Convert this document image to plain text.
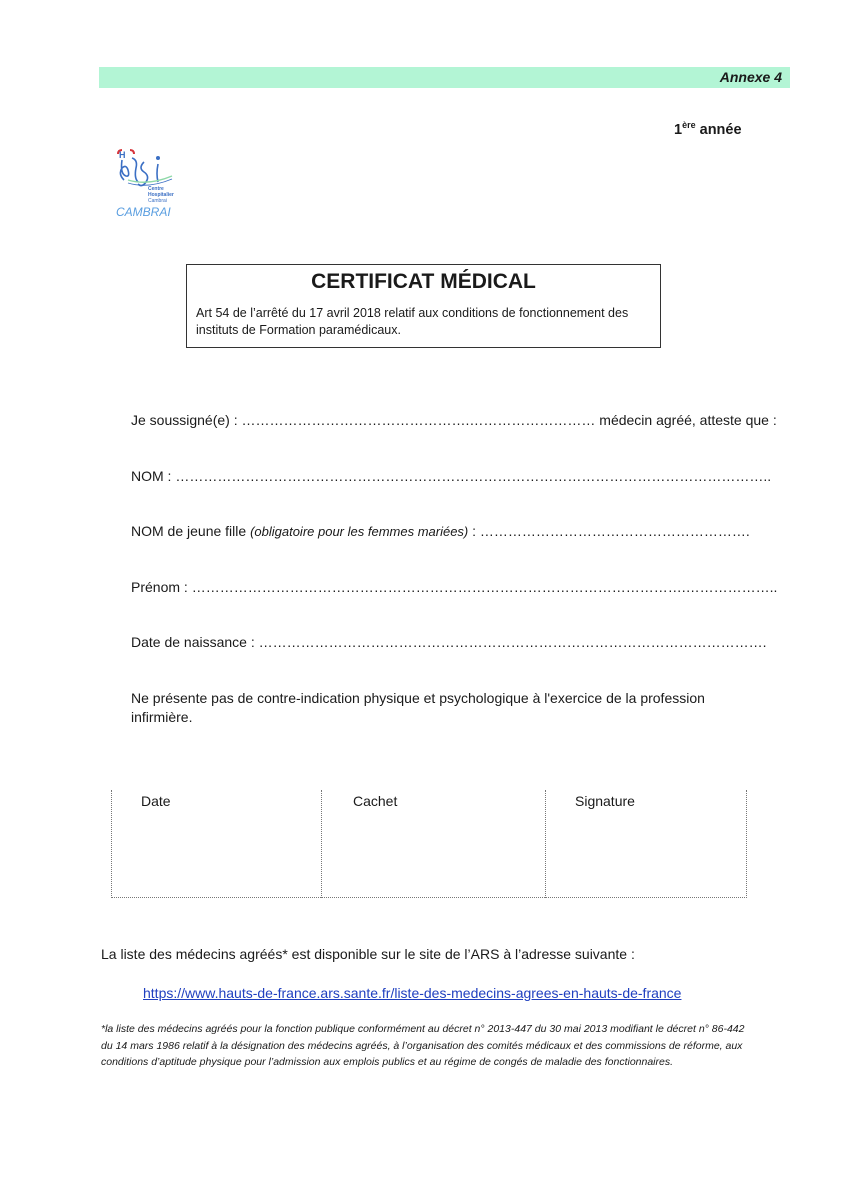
Annexe 4
1ère année
H
Centre
Hospitalier
Cambrai
CAMBRAI
CERTIFICAT MÉDICAL
Art 54 de l’arrêté du 17 avril 2018 relatif aux conditions de fonctionnement des instituts de Formation paramédicaux.
Je soussigné(e) : ………………………………………….……………………… médecin agréé, atteste que :
NOM : ………………………………………………………………………………………………………………..
NOM de jeune fille (obligatoire pour les femmes mariées) : ………………………………………………….
Prénom : …………………………………………………………………………………………….………………..
Date de naissance : ……………………………………………………………………………………………….
Ne présente pas de contre-indication physique et psychologique à l'exercice de la profession infirmière.
Date	Cachet	Signature
La liste des médecins agréés* est disponible sur le site de l’ARS à l’adresse suivante :
https://www.hauts-de-france.ars.sante.fr/liste-des-medecins-agrees-en-hauts-de-france
*la liste des médecins agréés pour la fonction publique conformément au décret n° 2013-447 du 30 mai 2013 modifiant le décret n° 86-442 du 14 mars 1986 relatif à la désignation des médecins agréés, à l’organisation des comités médicaux et des commissions de réforme, aux conditions d’aptitude physique pour l’admission aux emplois publics et au régime de congés de maladie des fonctionnaires.
